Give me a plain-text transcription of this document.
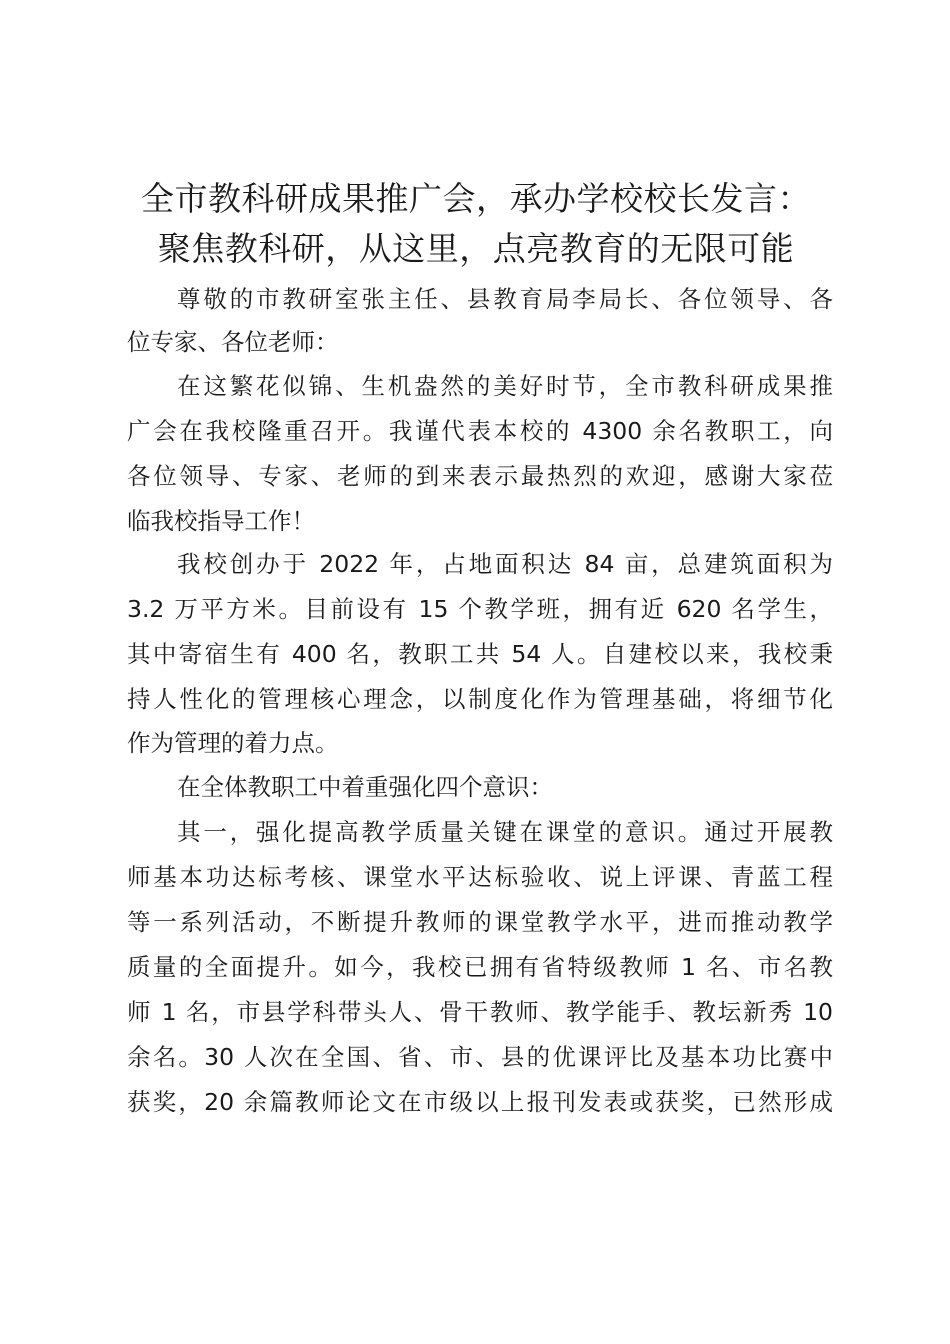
全市教科研成果推广会，承办学校校长发言：
聚焦教科研，从这里，点亮教育的无限可能

尊敬的市教研室张主任、县教育局李局长、各位领导、各

位专家、各位老师：

在这繁花似锦、生机盎然的美好时节，全市教科研成果推

广会在我校隆重召开。我谨代表本校的 4300 余名教职工，向

各位领导、专家、老师的到来表示最热烈的欢迎，感谢大家莅

临我校指导工作！

我校创办于 2022 年，占地面积达 84 亩，总建筑面积为

3.2 万平方米。目前设有 15 个教学班，拥有近 620 名学生，

其中寄宿生有 400 名，教职工共 54 人。自建校以来，我校秉

持人性化的管理核心理念，以制度化作为管理基础，将细节化

作为管理的着力点。

在全体教职工中着重强化四个意识：

其一，强化提高教学质量关键在课堂的意识。通过开展教

师基本功达标考核、课堂水平达标验收、说上评课、青蓝工程

等一系列活动，不断提升教师的课堂教学水平，进而推动教学

质量的全面提升。如今，我校已拥有省特级教师 1 名、市名教

师 1 名，市县学科带头人、骨干教师、教学能手、教坛新秀 10

余名。30 人次在全国、省、市、县的优课评比及基本功比赛中

获奖，20 余篇教师论文在市级以上报刊发表或获奖，已然形成
